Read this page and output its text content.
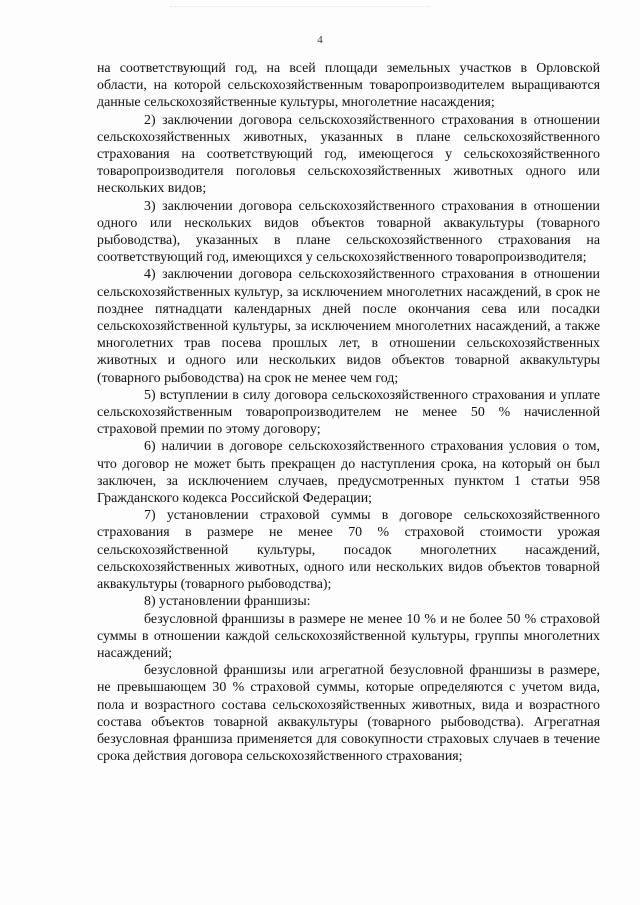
4

на соответствующий год, на всей площади земельных участков в Орловской области, на которой сельскохозяйственным товаропроизводителем выращиваются данные сельскохозяйственные культуры, многолетние насаждения;

2) заключении договора сельскохозяйственного страхования в отношении сельскохозяйственных животных, указанных в плане сельскохозяйственного страхования на соответствующий год, имеющегося у сельскохозяйственного товаропроизводителя поголовья сельскохозяйственных животных одного или нескольких видов;

3) заключении договора сельскохозяйственного страхования в отношении одного или нескольких видов объектов товарной аквакультуры (товарного рыбоводства), указанных в плане сельскохозяйственного страхования на соответствующий год, имеющихся у сельскохозяйственного товаропроизводителя;

4) заключении договора сельскохозяйственного страхования в отношении сельскохозяйственных культур, за исключением многолетних насаждений, в срок не позднее пятнадцати календарных дней после окончания сева или посадки сельскохозяйственной культуры, за исключением многолетних насаждений, а также многолетних трав посева прошлых лет, в отношении сельскохозяйственных животных и одного или нескольких видов объектов товарной аквакультуры (товарного рыбоводства) на срок не менее чем год;

5) вступлении в силу договора сельскохозяйственного страхования и уплате сельскохозяйственным товаропроизводителем не менее 50 % начисленной страховой премии по этому договору;

6) наличии в договоре сельскохозяйственного страхования условия о том, что договор не может быть прекращен до наступления срока, на который он был заключен, за исключением случаев, предусмотренных пунктом 1 статьи 958 Гражданского кодекса Российской Федерации;

7) установлении страховой суммы в договоре сельскохозяйственного страхования в размере не менее 70 % страховой стоимости урожая сельскохозяйственной культуры, посадок многолетних насаждений, сельскохозяйственных животных, одного или нескольких видов объектов товарной аквакультуры (товарного рыбоводства);

8) установлении франшизы:

безусловной франшизы в размере не менее 10 % и не более 50 % страховой суммы в отношении каждой сельскохозяйственной культуры, группы многолетних насаждений;

безусловной франшизы или агрегатной безусловной франшизы в размере, не превышающем 30 % страховой суммы, которые определяются с учетом вида, пола и возрастного состава сельскохозяйственных животных, вида и возрастного состава объектов товарной аквакультуры (товарного рыбоводства). Агрегатная безусловная франшиза применяется для совокупности страховых случаев в течение срока действия договора сельскохозяйственного страхования;
